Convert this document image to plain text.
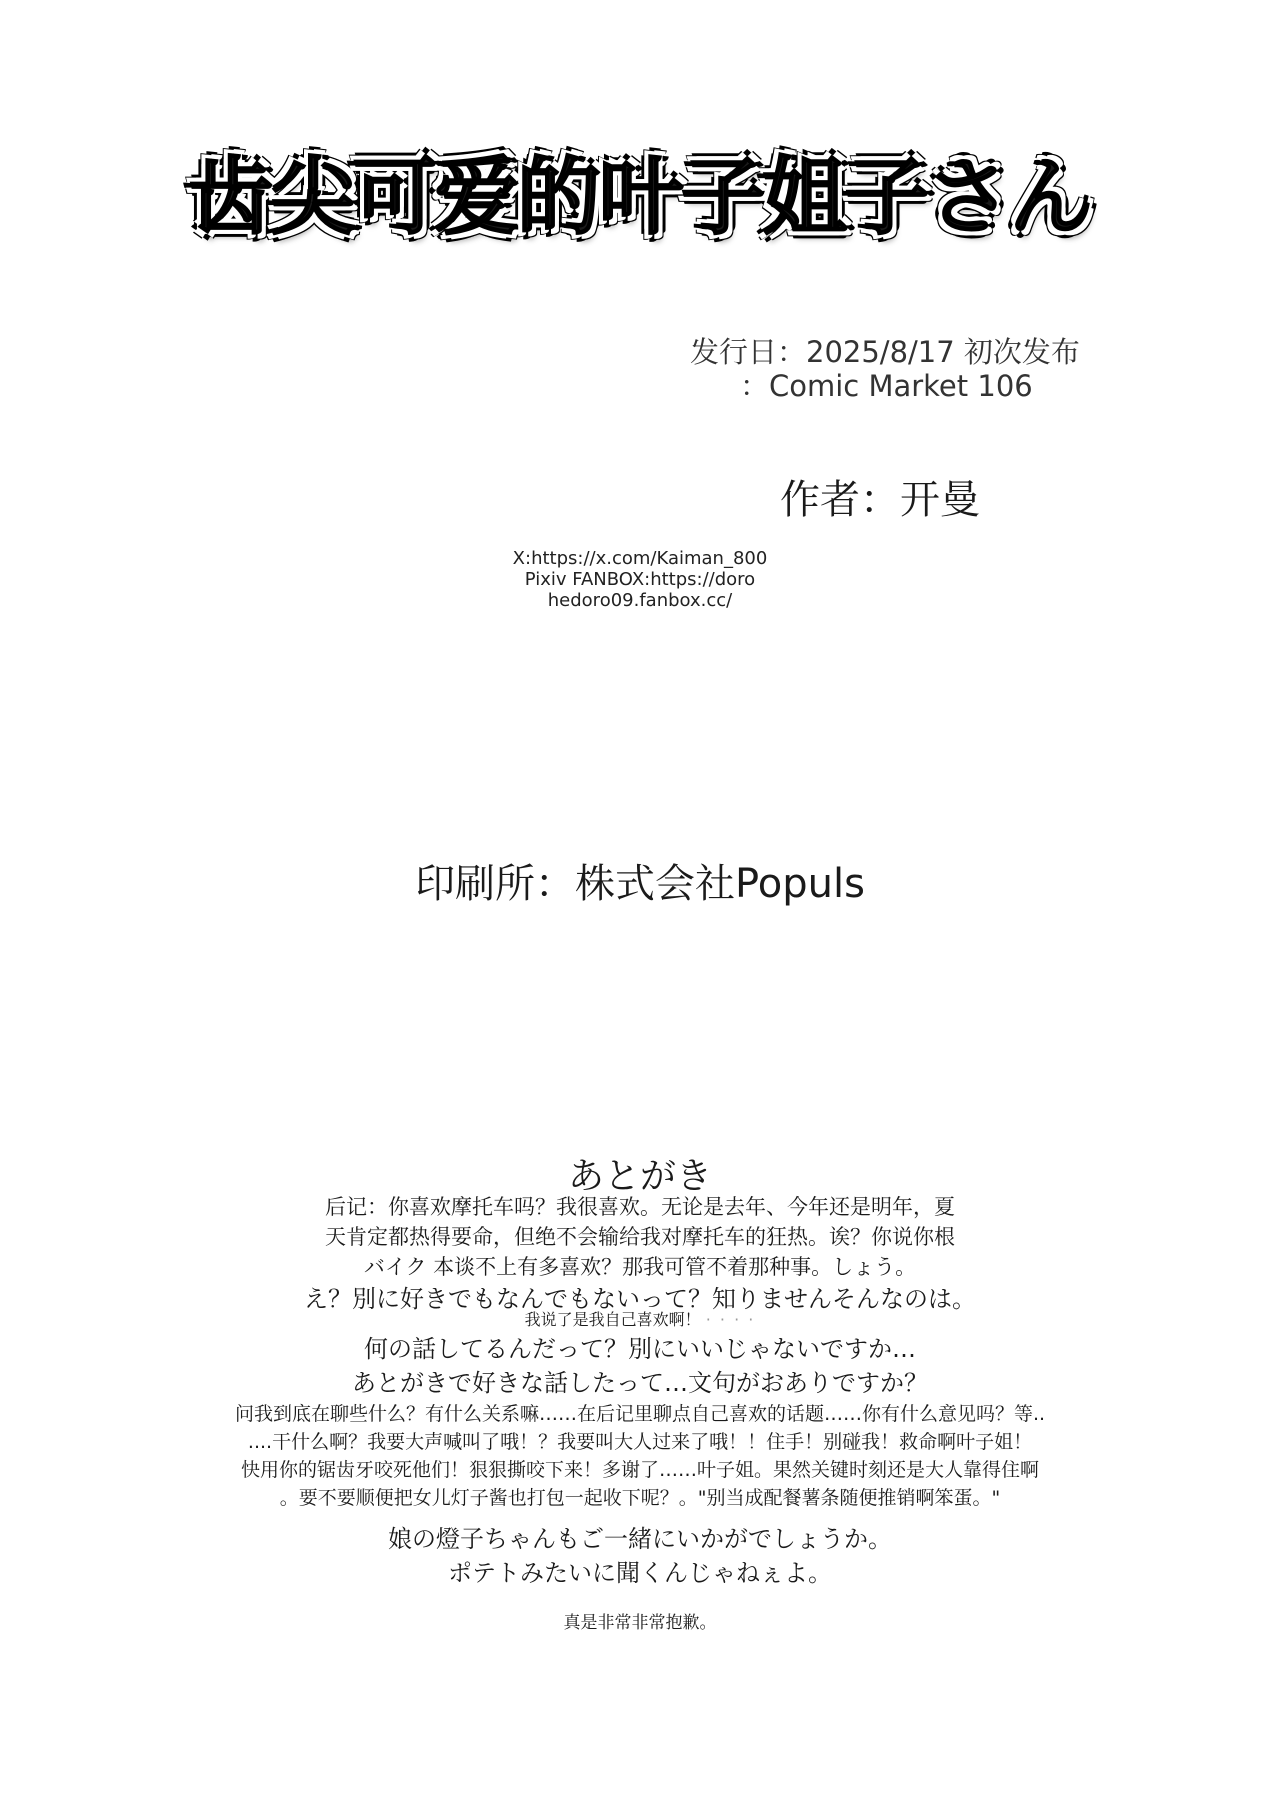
齿尖可爱的叶子姐子さん
发行日：2025/8/17 初次发布
：Comic Market 106
作者：开曼
X:https://x.com/Kaiman_800
Pixiv FANBOX:https://doro
hedoro09.fanbox.cc/
印刷所：株式会社Populs
あとがき
后记：你喜欢摩托车吗？我很喜欢。无论是去年、今年还是明年，夏
天肯定都热得要命，但绝不会输给我对摩托车的狂热。诶？你说你根
バイク 本谈不上有多喜欢？那我可管不着那种事。しょう。
え？別に好きでもなんでもないって？知りませんそんなのは。
我说了是我自己喜欢啊！ · · · ·
何の話してるんだって？別にいいじゃないですか…
あとがきで好きな話したって…文句がおありですか？
问我到底在聊些什么？有什么关系嘛……在后记里聊点自己喜欢的话题……你有什么意见吗？等..
....干什么啊？我要大声喊叫了哦！？我要叫大人过来了哦！！住手！别碰我！救命啊叶子姐！
快用你的锯齿牙咬死他们！狠狠撕咬下来！多谢了……叶子姐。果然关键时刻还是大人靠得住啊
。要不要顺便把女儿灯子酱也打包一起收下呢？。"别当成配餐薯条随便推销啊笨蛋。"
娘の燈子ちゃんもご一緒にいかがでしょうか。
ポテトみたいに聞くんじゃねぇよ。
真是非常非常抱歉。
